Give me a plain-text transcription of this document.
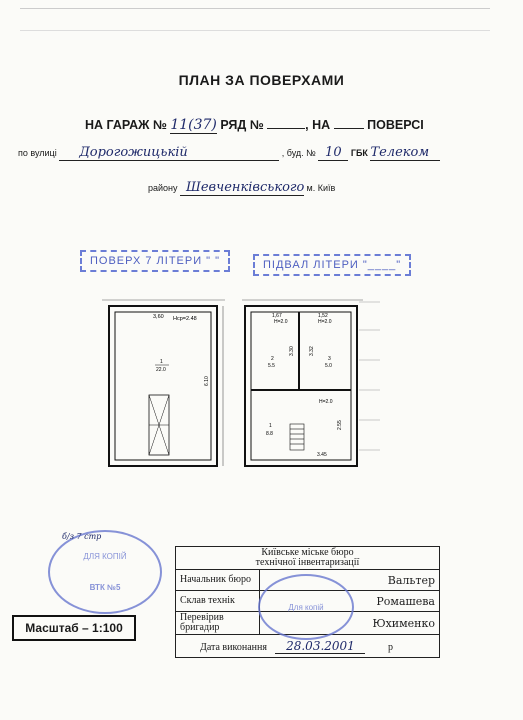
ПЛАН ЗА ПОВЕРХАМИ
НА ГАРАЖ № 11(37) РЯД №	, НА	ПОВЕРСІ
по вулиці Дорогожицькій	, буд. № 10 ГБК Телеком
району Шевченківського м. Київ
ПОВЕРХ 7 ЛІТЕРИ " "	ПІДВАЛ ЛІТЕРИ "____"
3,60 Нср=2.48
1
22.0
6.10
1,67
Н=2.0
1,52
Н=2.0
2
5.5
3
5.0
3.30	3.32
Н=2.0
1
8.8
2.55
3.45
ДЛЯ КОПІЙ
ВТК №5
б/з 7 стр
Київське міське бюро
технічної інвентаризації	

Начальник бюро	Вальтер
Склав технік	Ромашева
Перевірив бригадир	Юхименко
Дата виконання 28.03.2001 р	
Для копій
Масштаб – 1:100
